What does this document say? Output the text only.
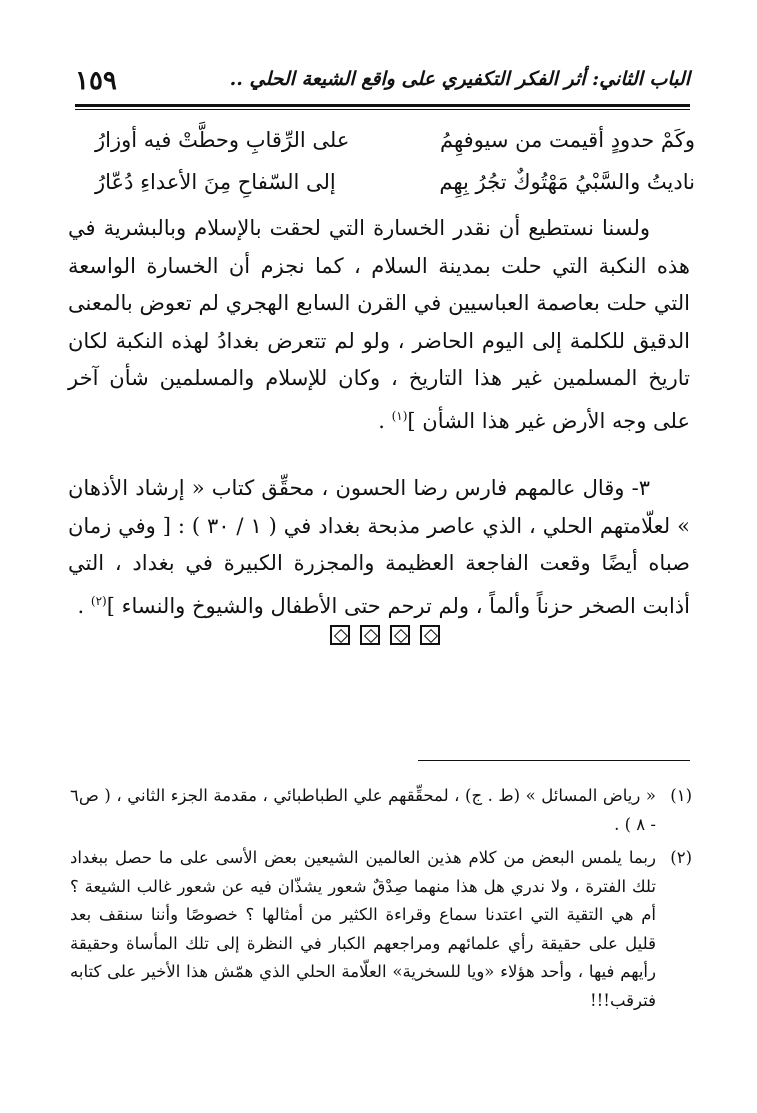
الباب الثاني: أثر الفكر التكفيري على واقع الشيعة الحلي ..
١٥٩
وكَمْ حدودٍ أقيمت من سيوفهِمُ
على الرِّقابِ وحطَّتْ فيه أوزارُ
ناديتُ والسَّبْيُ مَهْتُوكٌ تجُرُ بِهِم
إلى السّفاحِ مِنَ الأعداءِ دُعّارُ
ولسنا نستطيع أن نقدر الخسارة التي لحقت بالإسلام وبالبشرية في هذه النكبة التي حلت بمدينة السلام ، كما نجزم أن الخسارة الواسعة التي حلت بعاصمة العباسيين في القرن السابع الهجري لم تعوض بالمعنى الدقيق للكلمة إلى اليوم الحاضر ، ولو لم تتعرض بغدادُ لهذه النكبة لكان تاريخ المسلمين غير هذا التاريخ ، وكان للإسلام والمسلمين شأن آخر على وجه الأرض غير هذا الشأن ]$^{(١)}$ .
٣- وقال عالمهم فارس رضا الحسون ، محقِّق كتاب « إرشاد الأذهان » لعلّامتهم الحلي ، الذي عاصر مذبحة بغداد في ( ١ / ٣٠ ) : [ وفي زمان صباه أيضًا وقعت الفاجعة العظيمة والمجزرة الكبيرة في بغداد ، التي أذابت الصخر حزناً وألماً ، ولم ترحم حتى الأطفال والشيوخ والنساء ]$^{(٢)}$ .
(١)
« رياض المسائل » (ط . ج) ، لمحقِّقهم علي الطباطبائي ، مقدمة الجزء الثاني ، ( ص٦ - ٨ ) .
(٢)
ربما يلمس البعض من كلام هذين العالمين الشيعين بعض الأسى على ما حصل ببغداد تلك الفترة ، ولا ندري هل هذا منهما صِدْقٌ شعور يشذّان فيه عن شعور غالب الشيعة ؟ أم هي التقية التي اعتدنا سماع وقراءة الكثير من أمثالها ؟ خصوصًا وأننا سنقف بعد قليل على حقيقة رأي علمائهم ومراجعهم الكبار في النظرة إلى تلك المأساة وحقيقة رأيهم فيها ، وأحد هؤلاء «ويا للسخرية» العلّامة الحلي الذي همّش هذا الأخير على كتابه فترقب!!!
